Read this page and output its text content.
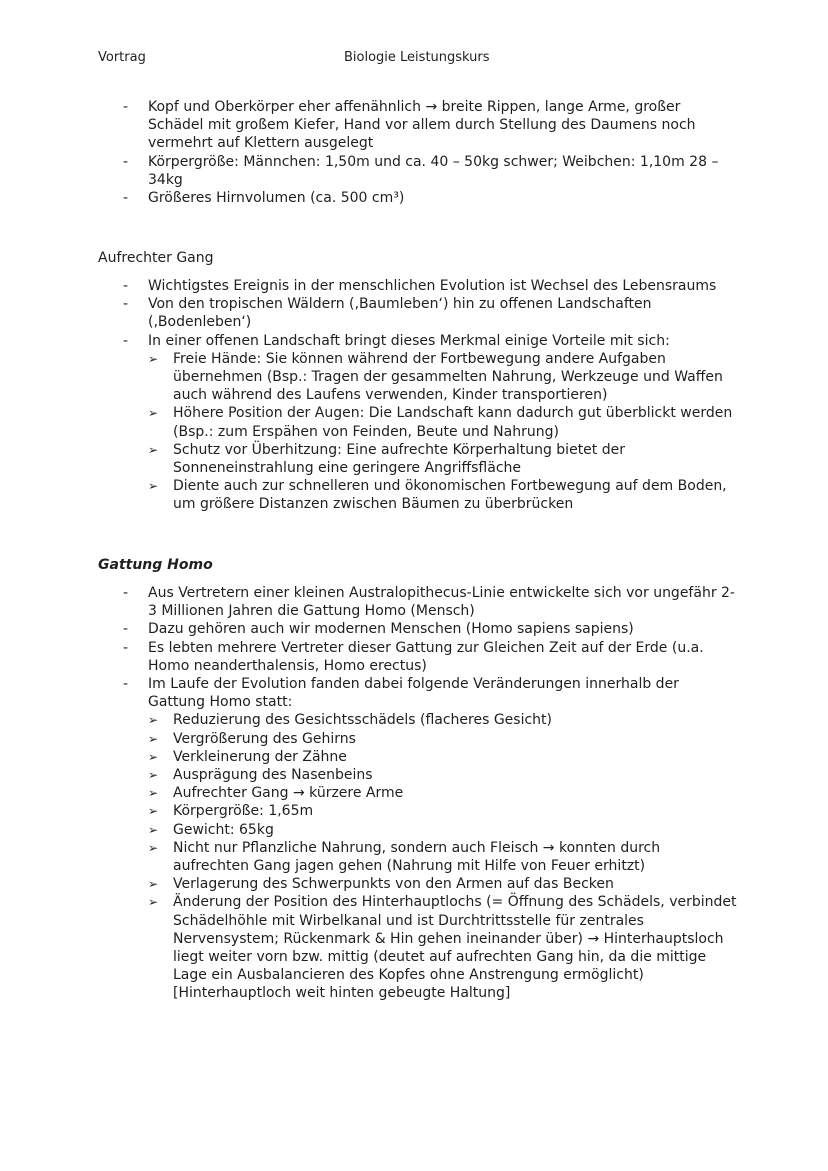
Vortrag	Biologie Leistungskurs
- Kopf und Oberkörper eher affenähnlich → breite Rippen, lange Arme, großer Schädel mit großem Kiefer, Hand vor allem durch Stellung des Daumens noch vermehrt auf Klettern ausgelegt
- Körpergröße: Männchen: 1,50m und ca. 40 – 50kg schwer; Weibchen: 1,10m 28 – 34kg
- Größeres Hirnvolumen (ca. 500 cm³)
Aufrechter Gang
- Wichtigstes Ereignis in der menschlichen Evolution ist Wechsel des Lebensraums
- Von den tropischen Wäldern (‚Baumleben‘) hin zu offenen Landschaften (‚Bodenleben‘)
- In einer offenen Landschaft bringt dieses Merkmal einige Vorteile mit sich:
➢ Freie Hände: Sie können während der Fortbewegung andere Aufgaben übernehmen (Bsp.: Tragen der gesammelten Nahrung, Werkzeuge und Waffen auch während des Laufens verwenden, Kinder transportieren)
➢ Höhere Position der Augen: Die Landschaft kann dadurch gut überblickt werden (Bsp.: zum Erspähen von Feinden, Beute und Nahrung)
➢ Schutz vor Überhitzung: Eine aufrechte Körperhaltung bietet der Sonneneinstrahlung eine geringere Angriffsfläche
➢ Diente auch zur schnelleren und ökonomischen Fortbewegung auf dem Boden, um größere Distanzen zwischen Bäumen zu überbrücken
Gattung Homo
- Aus Vertretern einer kleinen Australopithecus-Linie entwickelte sich vor ungefähr 2-3 Millionen Jahren die Gattung Homo (Mensch)
- Dazu gehören auch wir modernen Menschen (Homo sapiens sapiens)
- Es lebten mehrere Vertreter dieser Gattung zur Gleichen Zeit auf der Erde (u.a. Homo neanderthalensis, Homo erectus)
- Im Laufe der Evolution fanden dabei folgende Veränderungen innerhalb der Gattung Homo statt:
➢ Reduzierung des Gesichtsschädels (flacheres Gesicht)
➢ Vergrößerung des Gehirns
➢ Verkleinerung der Zähne
➢ Ausprägung des Nasenbeins
➢ Aufrechter Gang → kürzere Arme
➢ Körpergröße: 1,65m
➢ Gewicht: 65kg
➢ Nicht nur Pflanzliche Nahrung, sondern auch Fleisch → konnten durch aufrechten Gang jagen gehen (Nahrung mit Hilfe von Feuer erhitzt)
➢ Verlagerung des Schwerpunkts von den Armen auf das Becken
➢ Änderung der Position des Hinterhauptlochs (= Öffnung des Schädels, verbindet Schädelhöhle mit Wirbelkanal und ist Durchtrittsstelle für zentrales Nervensystem; Rückenmark & Hin gehen ineinander über) → Hinterhauptsloch liegt weiter vorn bzw. mittig (deutet auf aufrechten Gang hin, da die mittige Lage ein Ausbalancieren des Kopfes ohne Anstrengung ermöglicht) [Hinterhauptloch weit hinten gebeugte Haltung]
